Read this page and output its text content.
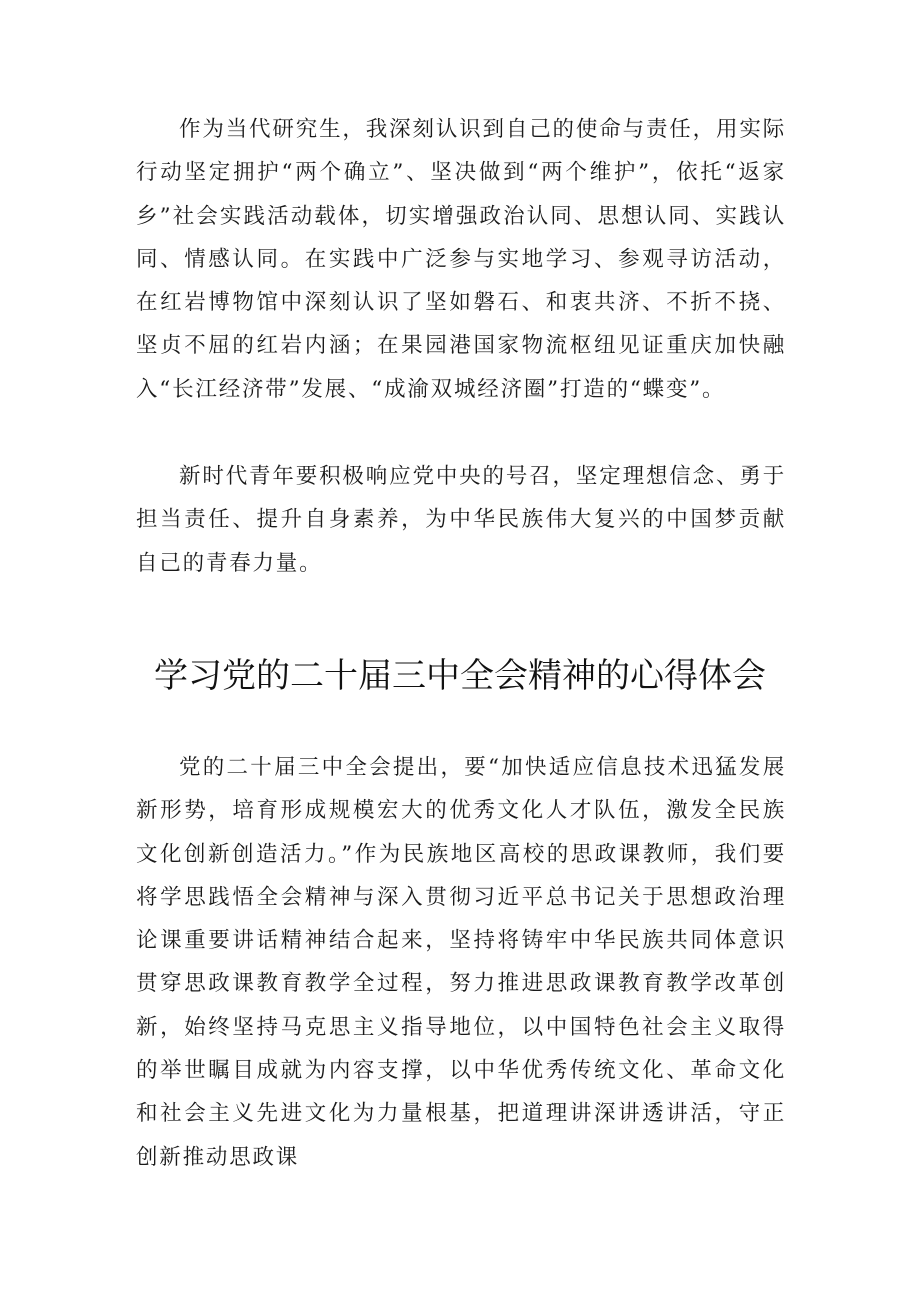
作为当代研究生，我深刻认识到自己的使命与责任，用实际行动坚定拥护“两个确立”、坚决做到“两个维护”，依托“返家乡”社会实践活动载体，切实增强政治认同、思想认同、实践认同、情感认同。在实践中广泛参与实地学习、参观寻访活动，在红岩博物馆中深刻认识了坚如磐石、和衷共济、不折不挠、坚贞不屈的红岩内涵；在果园港国家物流枢纽见证重庆加快融入“长江经济带”发展、“成渝双城经济圈”打造的“蝶变”。

新时代青年要积极响应党中央的号召，坚定理想信念、勇于担当责任、提升自身素养，为中华民族伟大复兴的中国梦贡献自己的青春力量。

学习党的二十届三中全会精神的心得体会

党的二十届三中全会提出，要“加快适应信息技术迅猛发展新形势，培育形成规模宏大的优秀文化人才队伍，激发全民族文化创新创造活力。”作为民族地区高校的思政课教师，我们要将学思践悟全会精神与深入贯彻习近平总书记关于思想政治理论课重要讲话精神结合起来，坚持将铸牢中华民族共同体意识贯穿思政课教育教学全过程，努力推进思政课教育教学改革创新，始终坚持马克思主义指导地位，以中国特色社会主义取得的举世瞩目成就为内容支撑，以中华优秀传统文化、革命文化和社会主义先进文化为力量根基，把道理讲深讲透讲活，守正创新推动思政课
